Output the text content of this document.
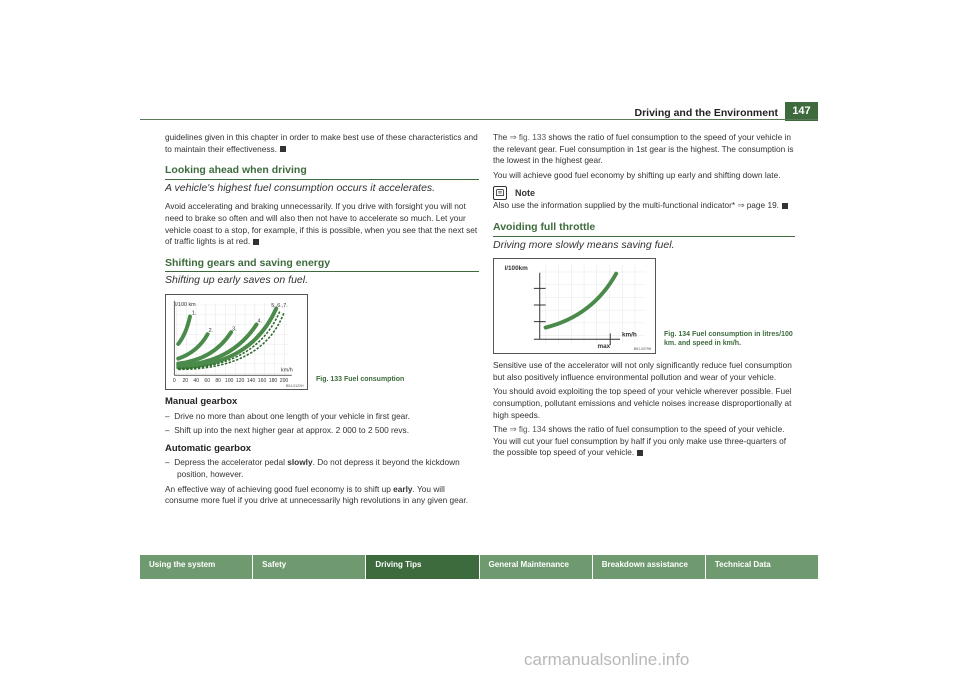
Driving and the Environment	147

guidelines given in this chapter in order to make best use of these characteristics and to maintain their effectiveness.

Looking ahead when driving
A vehicle's highest fuel consumption occurs it accelerates.

Avoid accelerating and braking unnecessarily. If you drive with forsight you will not need to brake so often and will also then not have to accelerate so much. Let your vehicle coast to a stop, for example, if this is possible, when you see that the next set of traffic lights is at red.

Shifting gears and saving energy
Shifting up early saves on fuel.
l/100 km
km/h
1.
2.	3.
4.
5.,6.,7.
0 20 40 60 80 100 120 140 160 180 200
B5J-0122H
Fig. 133 Fuel consumption
Manual gearbox
–  Drive no more than about one length of your vehicle in first gear.
–  Shift up into the next higher gear at approx. 2 000 to 2 500 revs.
Automatic gearbox
–  Depress the accelerator pedal slowly. Do not depress it beyond the kickdown position, however.

An effective way of achieving good fuel economy is to shift up early. You will consume more fuel if you drive at unnecessarily high revolutions in any given gear.

The ⇒ fig. 133 shows the ratio of fuel consumption to the speed of your vehicle in the relevant gear. Fuel consumption in 1st gear is the highest. The consumption is the lowest in the highest gear.

You will achieve good fuel economy by shifting up early and shifting down late.

Note

Also use the information supplied by the multi-functional indicator* ⇒ page 19.

Avoiding full throttle
Driving more slowly means saving fuel.
l/100km
km/h
max	B5J-0079H
Fig. 134 Fuel consumption in litres/100 km. and speed in km/h.

Sensitive use of the accelerator will not only significantly reduce fuel consumption but also positively influence environmental pollution and wear of your vehicle.

You should avoid exploiting the top speed of your vehicle wherever possible. Fuel consumption, pollutant emissions and vehicle noises increase disproportionally at high speeds.

The ⇒ fig. 134 shows the ratio of fuel consumption to the speed of your vehicle. You will cut your fuel consumption by half if you only make use three-quarters of the possible top speed of your vehicle.

Using the system	Safety	Driving Tips	General Maintenance	Breakdown assistance	Technical Data
carmanualsonline.info
